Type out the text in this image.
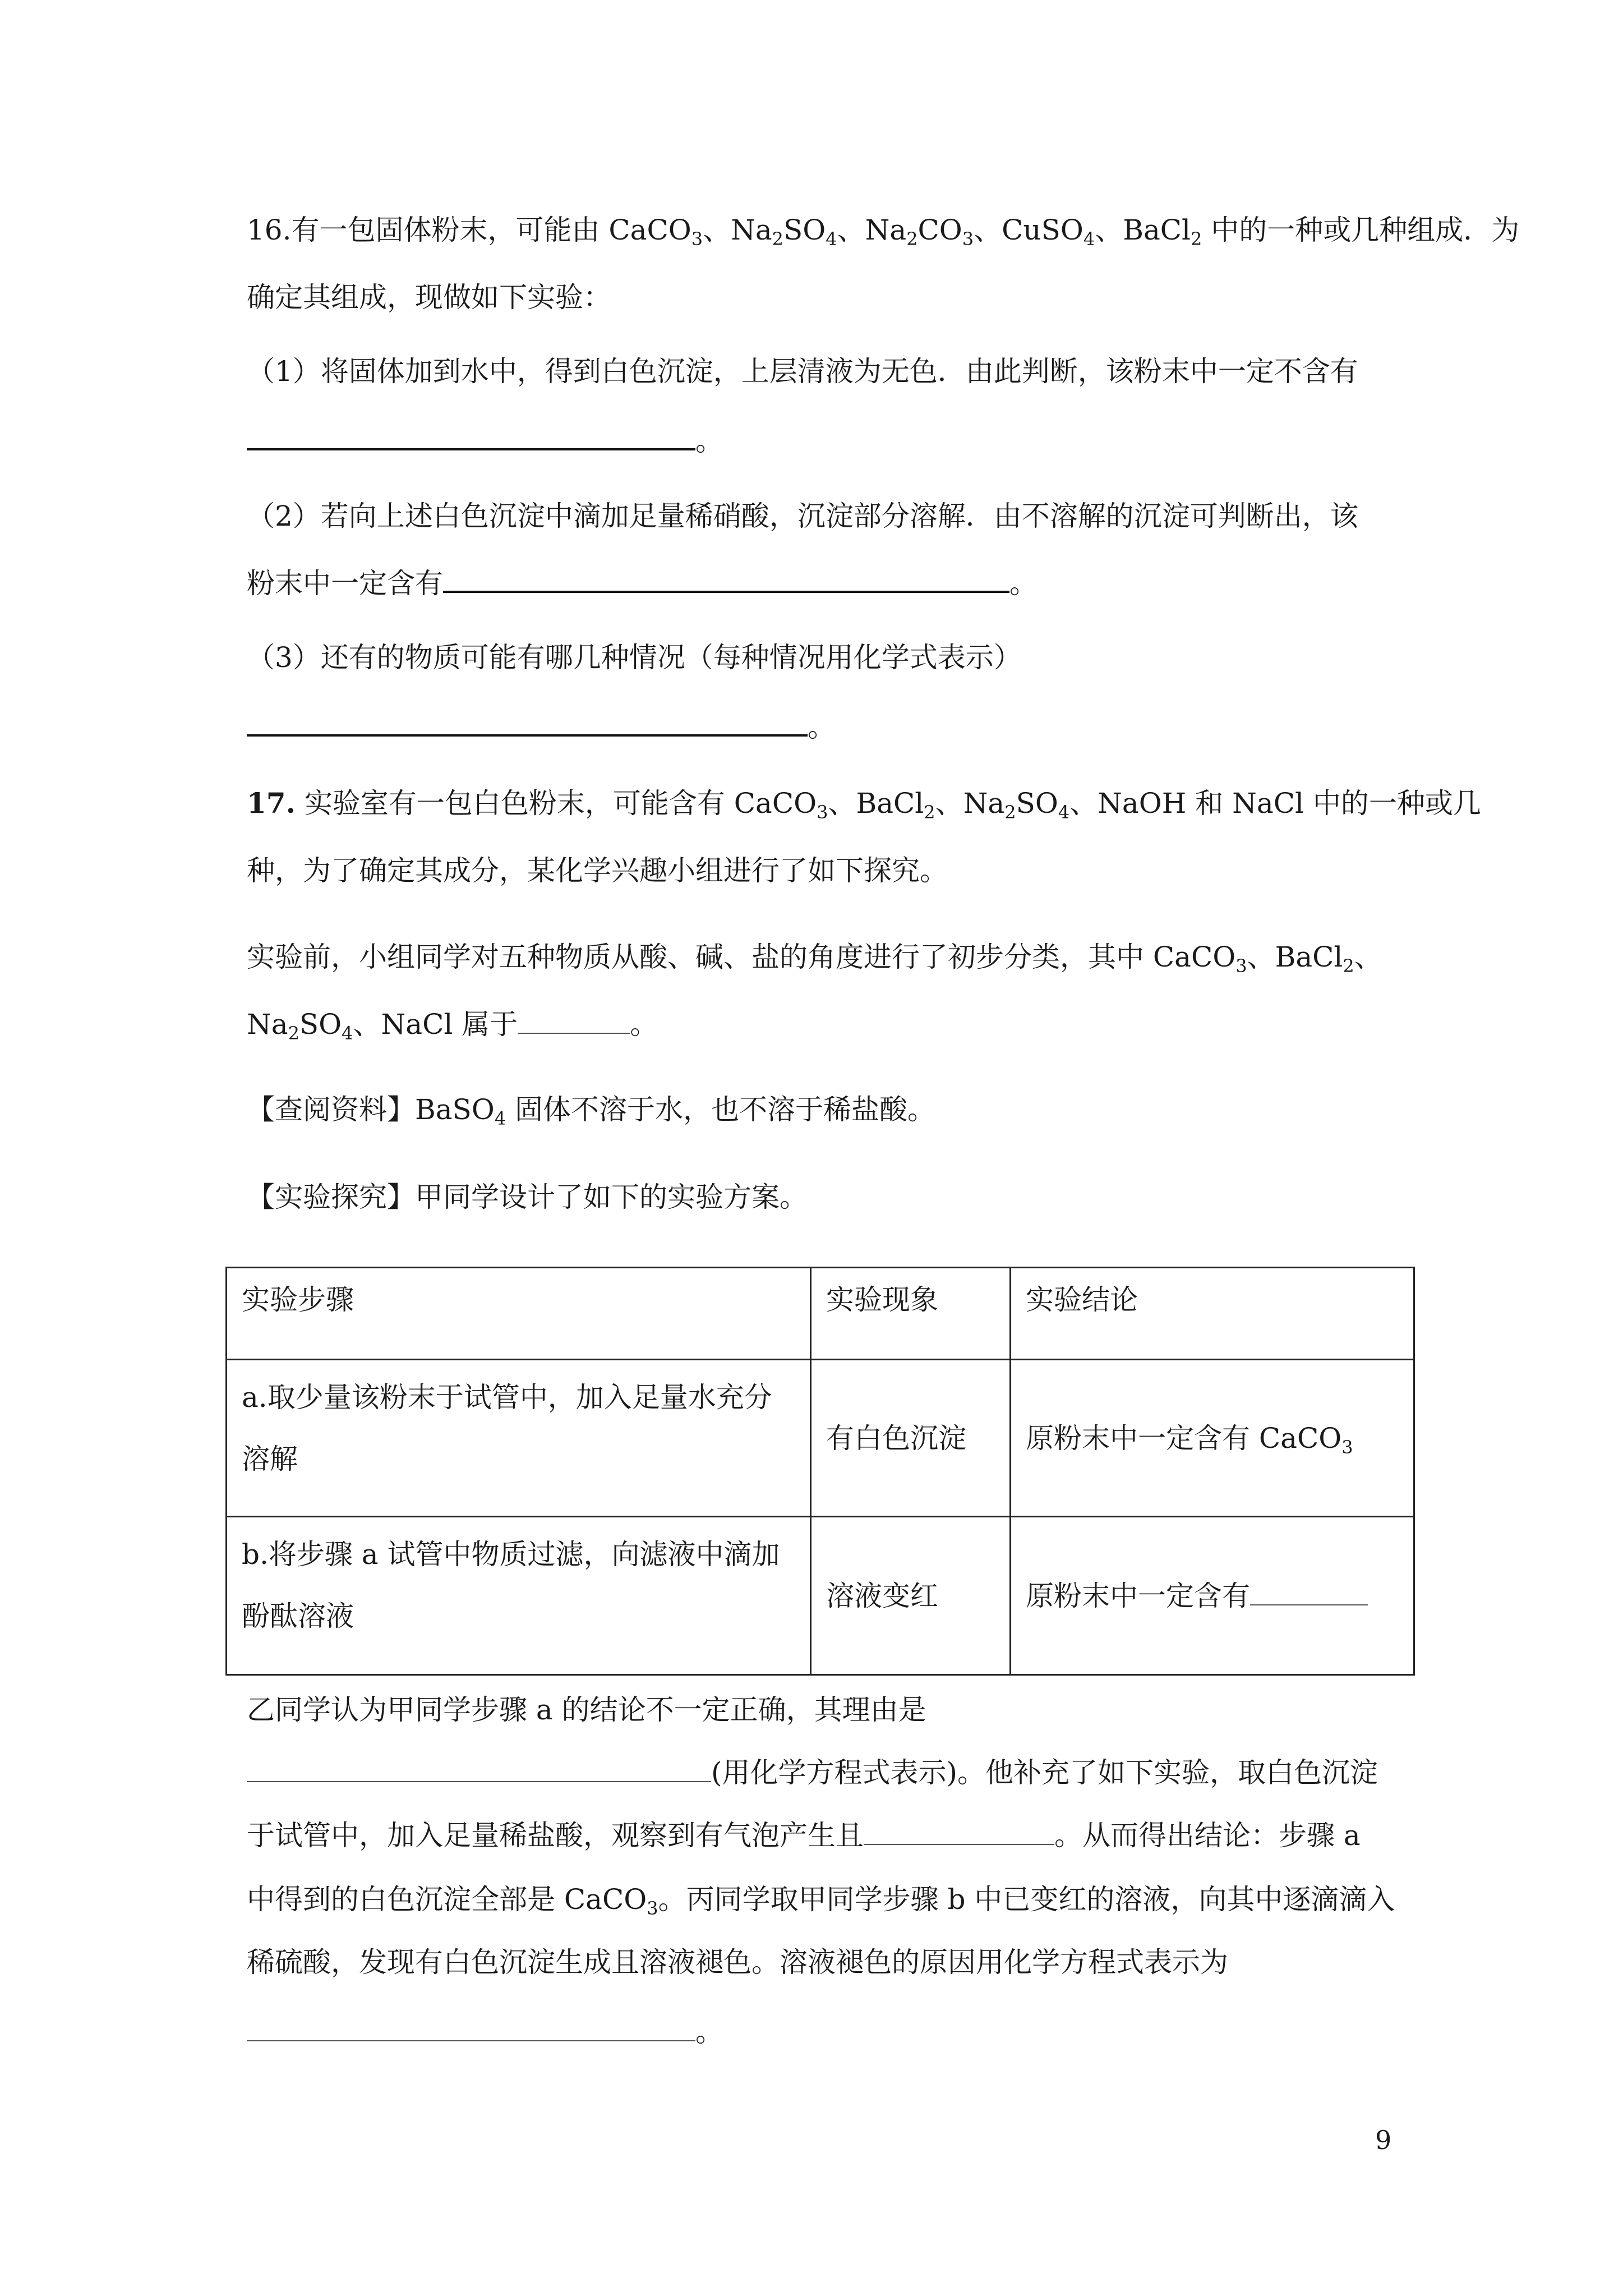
16.有一包固体粉末，可能由 CaCO$_3$、$Na_2SO_4$、$Na_2CO_3$、CuSO$_4$、BaCl$_2$ 中的一种或几种组成．为
确定其组成，现做如下实验：
（1）将固体加到水中，得到白色沉淀，上层清液为无色．由此判断，该粉末中一定不含有
。
（2）若向上述白色沉淀中滴加足量稀硝酸，沉淀部分溶解．由不溶解的沉淀可判断出，该
粉末中一定含有	。
（3）还有的物质可能有哪几种情况（每种情况用化学式表示）
。
17. 实验室有一包白色粉末，可能含有 CaCO$_3$、BaCl$_2$、$Na_2SO_4$、NaOH 和 NaCl 中的一种或几
种，为了确定其成分，某化学兴趣小组进行了如下探究。
实验前，小组同学对五种物质从酸、碱、盐的角度进行了初步分类，其中 CaCO$_3$、BaCl$_2$、
$Na_2SO_4$、NaCl 属于	。
【查阅资料】BaSO$_4$ 固体不溶于水，也不溶于稀盐酸。
【实验探究】甲同学设计了如下的实验方案。
实验步骤	实验现象	实验结论

a.取少量该粉末于试管中，加入足量水充分
溶解	有白色沉淀	原粉末中一定含有 CaCO$_3$

b.将步骤 a 试管中物质过滤，向滤液中滴加
酚酞溶液	溶液变红	原粉末中一定含有
乙同学认为甲同学步骤 a 的结论不一定正确，其理由是
(用化学方程式表示)。他补充了如下实验，取白色沉淀
于试管中，加入足量稀盐酸，观察到有气泡产生且	。从而得出结论：步骤 a
中得到的白色沉淀全部是 CaCO$_3$。丙同学取甲同学步骤 b 中已变红的溶液，向其中逐滴滴入
稀硫酸，发现有白色沉淀生成且溶液褪色。溶液褪色的原因用化学方程式表示为
。
9
